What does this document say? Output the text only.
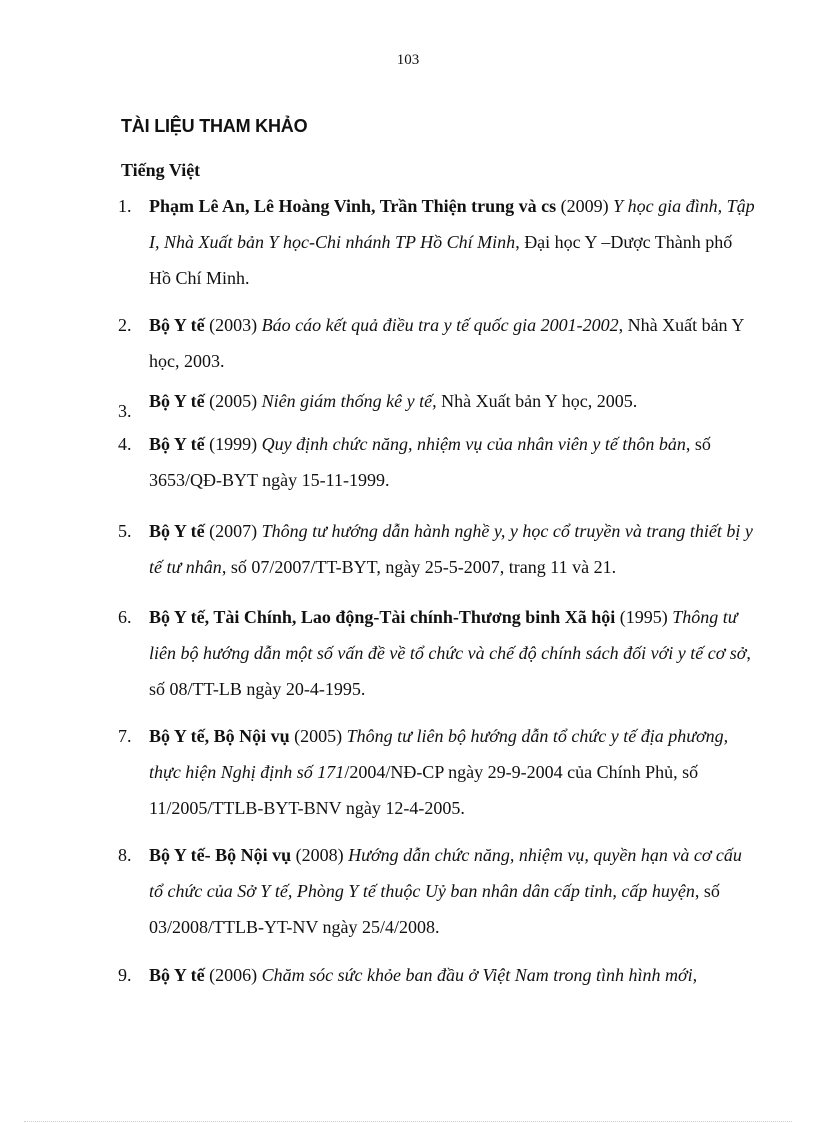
103
TÀI LIỆU THAM KHẢO
Tiếng Việt
1. Phạm Lê An, Lê Hoàng Vinh, Trần Thiện trung và cs (2009) Y học gia đình, Tập I, Nhà Xuất bản Y học-Chi nhánh TP Hồ Chí Minh, Đại học Y –Dược Thành phố Hồ Chí Minh.
2. Bộ Y tế (2003) Báo cáo kết quả điều tra y tế quốc gia 2001-2002, Nhà Xuất bản Y học, 2003.
3. Bộ Y tế (2005) Niên giám thống kê y tế, Nhà Xuất bản Y học, 2005.
4. Bộ Y tế (1999) Quy định chức năng, nhiệm vụ của nhân viên y tế thôn bản, số 3653/QĐ-BYT ngày 15-11-1999.
5. Bộ Y tế (2007) Thông tư hướng dẫn hành nghề y, y học cổ truyền và trang thiết bị y tế tư nhân, số 07/2007/TT-BYT, ngày 25-5-2007, trang 11 và 21.
6. Bộ Y tế, Tài Chính, Lao động-Tài chính-Thương binh Xã hội (1995) Thông tư liên bộ hướng dẫn một số vấn đề về tổ chức và chế độ chính sách đối với y tế cơ sở, số 08/TT-LB ngày 20-4-1995.
7. Bộ Y tế, Bộ Nội vụ (2005) Thông tư liên bộ hướng dẫn tổ chức y tế địa phương, thực hiện Nghị định số 171/2004/NĐ-CP ngày 29-9-2004 của Chính Phủ, số 11/2005/TTLB-BYT-BNV ngày 12-4-2005.
8. Bộ Y tế- Bộ Nội vụ (2008) Hướng dẫn chức năng, nhiệm vụ, quyền hạn và cơ cấu tổ chức của Sở Y tế, Phòng Y tế thuộc Uỷ ban nhân dân cấp tỉnh, cấp huyện, số 03/2008/TTLB-YT-NV ngày 25/4/2008.
9. Bộ Y tế (2006) Chăm sóc sức khỏe ban đầu ở Việt Nam trong tình hình mới,
